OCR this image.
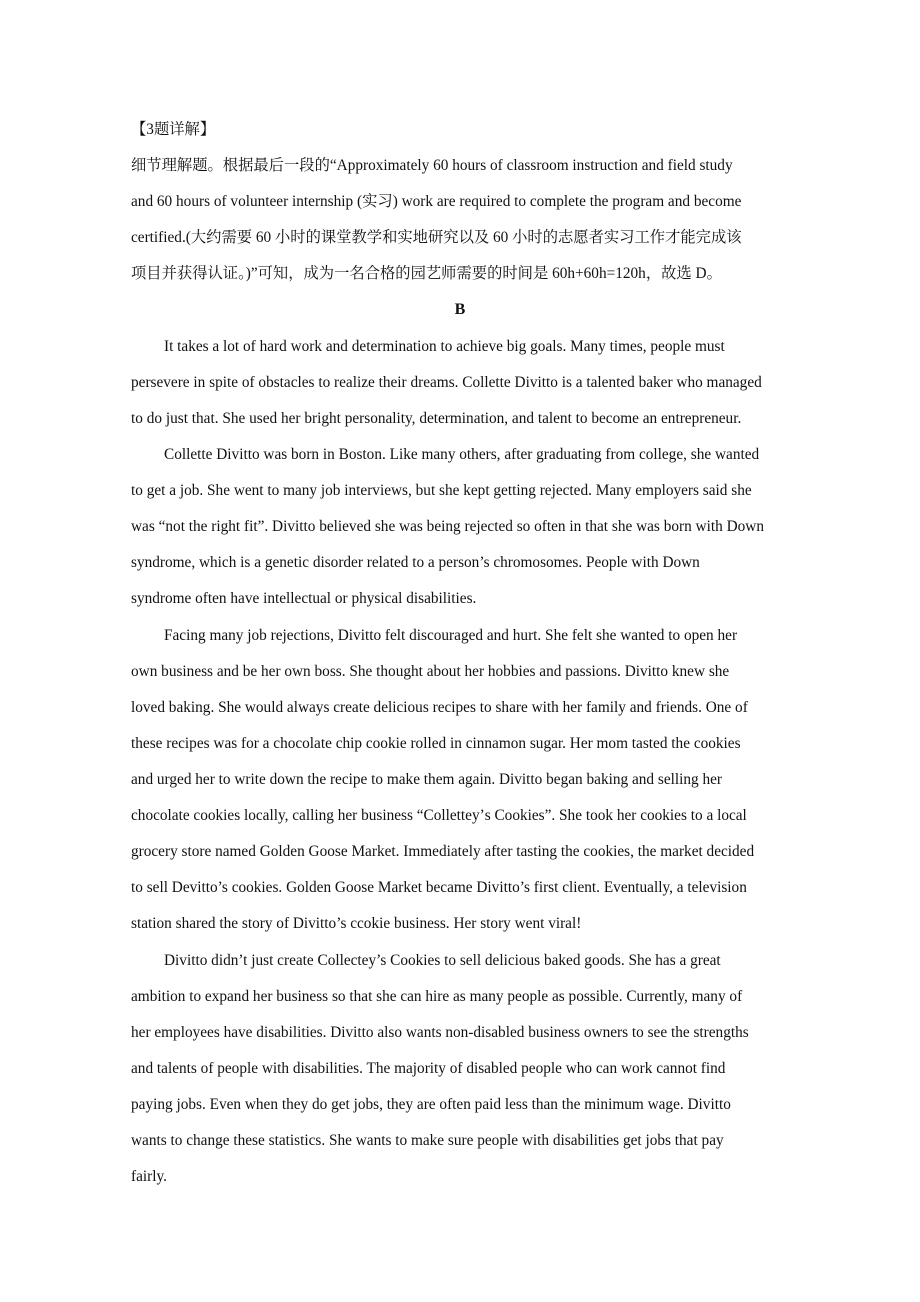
【3题详解】
细节理解题。根据最后一段的“Approximately 60 hours of classroom instruction and field study
and 60 hours of volunteer internship (实习) work are required to complete the program and become
certified.(大约需要 60 小时的课堂教学和实地研究以及 60 小时的志愿者实习工作才能完成该
项目并获得认证。)”可知，成为一名合格的园艺师需要的时间是 60h+60h=120h，故选 D。
B
It takes a lot of hard work and determination to achieve big goals. Many times, people must
persevere in spite of obstacles to realize their dreams. Collette Divitto is a talented baker who managed
to do just that. She used her bright personality, determination, and talent to become an entrepreneur.
Collette Divitto was born in Boston. Like many others, after graduating from college, she wanted
to get a job. She went to many job interviews, but she kept getting rejected. Many employers said she
was “not the right fit”. Divitto believed she was being rejected so often in that she was born with Down
syndrome, which is a genetic disorder related to a person’s chromosomes. People with Down
syndrome often have intellectual or physical disabilities.
Facing many job rejections, Divitto felt discouraged and hurt. She felt she wanted to open her
own business and be her own boss. She thought about her hobbies and passions. Divitto knew she
loved baking. She would always create delicious recipes to share with her family and friends. One of
these recipes was for a chocolate chip cookie rolled in cinnamon sugar. Her mom tasted the cookies
and urged her to write down the recipe to make them again. Divitto began baking and selling her
chocolate cookies locally, calling her business “Colletteу’s Cookies”. She took her cookies to a local
grocery store named Golden Goose Market. Immediately after tasting the cookies, the market decided
to sell Devitto’s cookies. Golden Goose Market became Divitto’s first client. Eventually, a television
station shared the story of Divitto’s ccokie business. Her story went viral!
Divitto didn’t just create Collectey’s Cookies to sell delicious baked goods. She has a great
ambition to expand her business so that she can hire as many people as possible. Currently, many of
her employees have disabilities. Divitto also wants non-disabled business owners to see the strengths
and talents of people with disabilities. The majority of disabled people who can work cannot find
paying jobs. Even when they do get jobs, they are often paid less than the minimum wage. Divitto
wants to change these statistics. She wants to make sure people with disabilities get jobs that pay
fairly.
